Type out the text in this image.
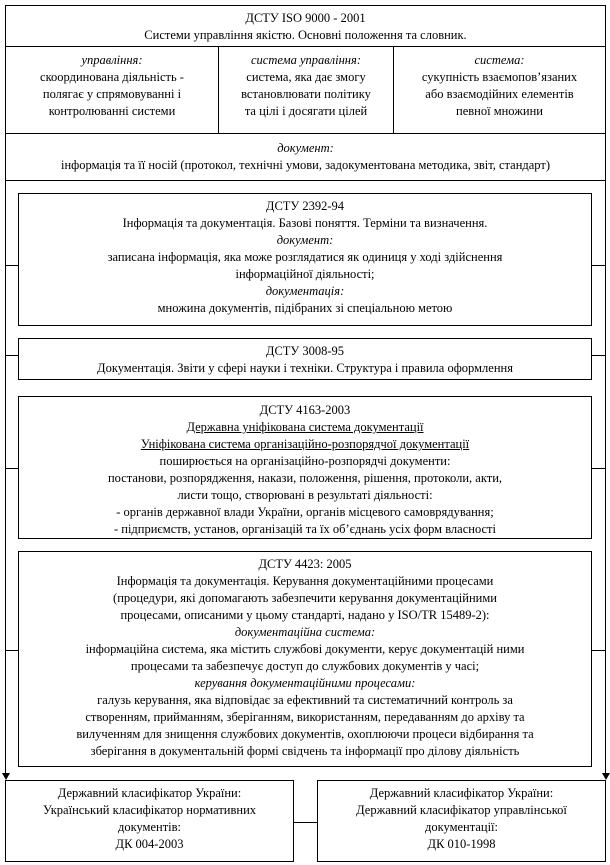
ДСТУ ISO 9000 - 2001
Системи управління якістю. Основні положення та словник.
управління:
скоординована діяльність -
полягає у спрямовуванні і
контролюванні системи
система управління:
система, яка дає змогу
встановлювати політику
та цілі і досягати цілей
система:
сукупність взаємопов’язаних
або взаємодійних елементів
певної множини
документ:
інформація та її носій (протокол, технічні умови, задокументована методика, звіт, стандарт)
ДСТУ 2392-94
Інформація та документація. Базові поняття. Терміни та визначення.
документ:
записана інформація, яка може розглядатися як одиниця у ході здійснення
інформаційної діяльності;
документація:
множина документів, підібраних зі спеціальною метою
ДСТУ 3008-95
Документація. Звіти у сфері науки і техніки. Структура і правила оформлення
ДСТУ 4163-2003
Державна уніфікована система документації
Уніфікована система організаційно-розпорядчої документації
поширюється на організаційно-розпорядчі документи:
постанови, розпорядження, накази, положення, рішення, протоколи, акти,
листи тощо, створювані в результаті діяльності:
- органів державної влади України, органів місцевого самоврядування;
- підприємств, установ, організацій та їх об’єднань усіх форм власності
ДСТУ 4423: 2005
Інформація та документація. Керування документаційними процесами
(процедури, які допомагають забезпечити керування документаційними
процесами, описаними у цьому стандарті, надано у ISO/TR 15489-2):
документаційна система:
інформаційна система, яка містить службові документи, керує документацій ними
процесами та забезпечує доступ до службових документів у часі;
керування документаційними процесами:
галузь керування, яка відповідає за ефективний та систематичний контроль за
створенням, прийманням, зберіганням, використанням, передаванням до архіву та
вилученням для знищення службових документів, охоплюючи процеси відбирання та
зберігання в документальній формі свідчень та інформації про ділову діяльність
Державний класифікатор України:
Український класифікатор нормативних
документів:
ДК 004-2003
Державний класифікатор України:
Державний класифікатор управлінської
документації:
ДК 010-1998
